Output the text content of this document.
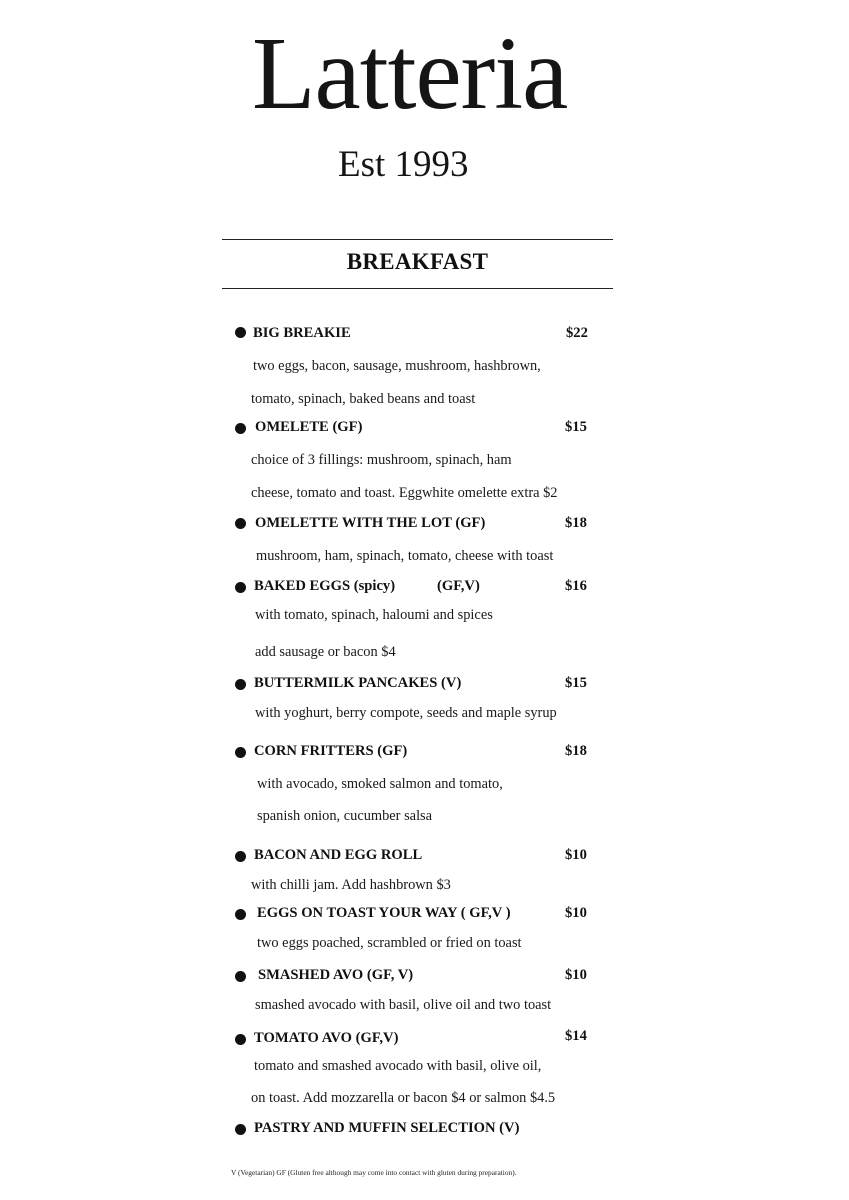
Latteria
Est 1993
BREAKFAST
BIG BREAKIE	$22
two eggs, bacon, sausage, mushroom, hashbrown,
tomato, spinach, baked beans and toast
OMELETE (GF)	$15
choice of 3 fillings: mushroom, spinach, ham
cheese, tomato and toast. Eggwhite omelette extra $2
OMELETTE WITH THE LOT (GF)	$18
mushroom, ham, spinach, tomato, cheese with toast
BAKED EGGS (spicy)	(GF,V)	$16
with tomato, spinach, haloumi and spices
add sausage or bacon $4
BUTTERMILK PANCAKES (V)	$15
with yoghurt, berry compote, seeds and maple syrup
CORN FRITTERS (GF)	$18
with avocado, smoked salmon and tomato,
spanish onion, cucumber salsa
BACON AND EGG ROLL	$10
with chilli jam. Add hashbrown $3
EGGS ON TOAST YOUR WAY ( GF,V )	$10
two eggs poached, scrambled or fried on toast
SMASHED AVO (GF, V)	$10
smashed avocado with basil, olive oil and two toast
TOMATO AVO (GF,V)	$14
tomato and smashed avocado with basil, olive oil,
on toast. Add mozzarella or bacon $4 or salmon $4.5
PASTRY AND MUFFIN SELECTION (V)
V (Vegetarian) GF (Gluten free although may come into contact with gluten during preparation).
